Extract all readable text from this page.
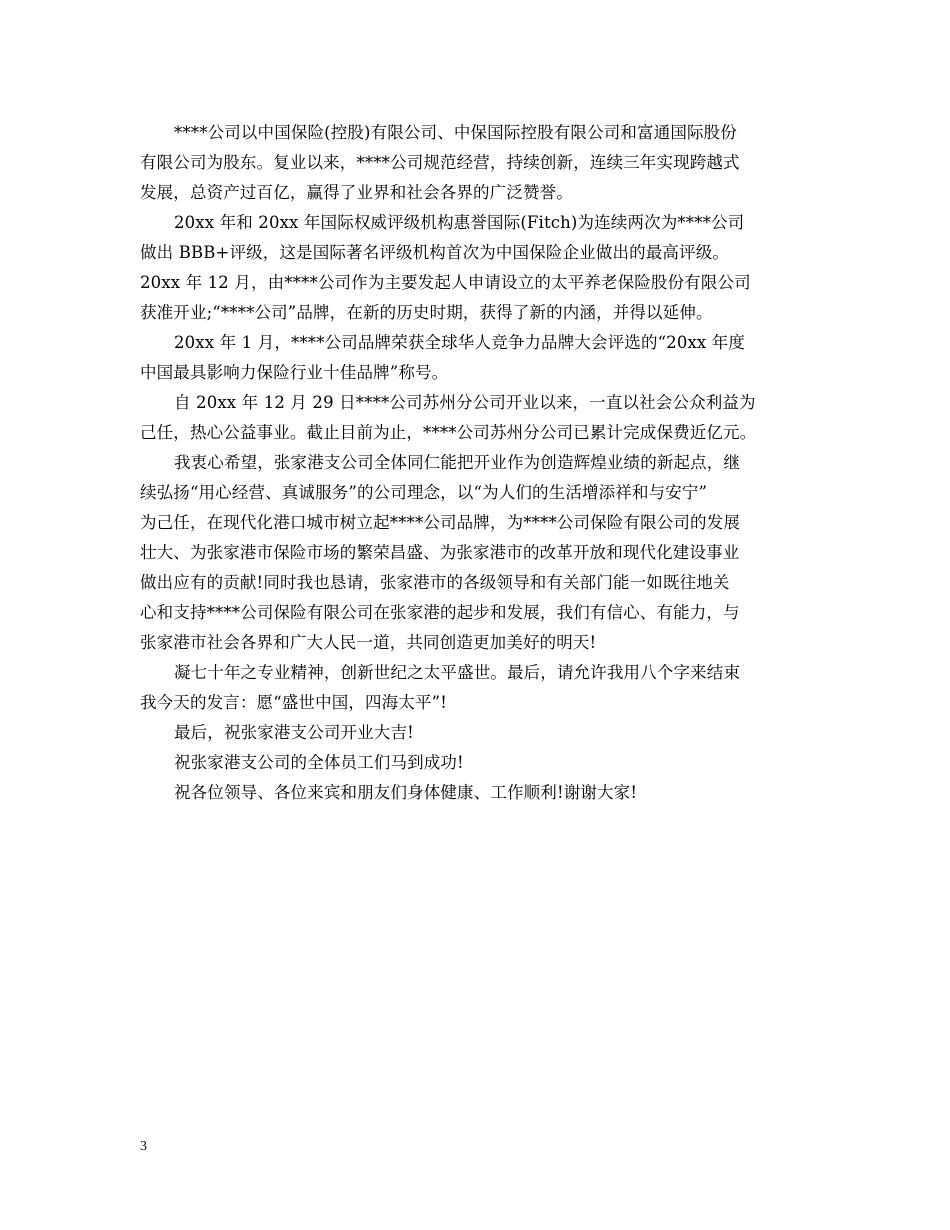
****公司以中国保险(控股)有限公司、中保国际控股有限公司和富通国际股份
有限公司为股东。复业以来，****公司规范经营，持续创新，连续三年实现跨越式
发展，总资产过百亿，赢得了业界和社会各界的广泛赞誉。
20xx 年和 20xx 年国际权威评级机构惠誉国际(Fitch)为连续两次为****公司
做出 BBB+评级，这是国际著名评级机构首次为中国保险企业做出的最高评级。
20xx 年 12 月，由****公司作为主要发起人申请设立的太平养老保险股份有限公司
获准开业;“****公司”品牌，在新的历史时期，获得了新的内涵，并得以延伸。
20xx 年 1 月，****公司品牌荣获全球华人竞争力品牌大会评选的“20xx 年度
中国最具影响力保险行业十佳品牌”称号。
自 20xx 年 12 月 29 日****公司苏州分公司开业以来，一直以社会公众利益为
己任，热心公益事业。截止目前为止，****公司苏州分公司已累计完成保费近亿元。
我衷心希望，张家港支公司全体同仁能把开业作为创造辉煌业绩的新起点，继
续弘扬“用心经营、真诚服务”的公司理念，以“为人们的生活增添祥和与安宁”
为己任，在现代化港口城市树立起****公司品牌，为****公司保险有限公司的发展
壮大、为张家港市保险市场的繁荣昌盛、为张家港市的改革开放和现代化建设事业
做出应有的贡献!同时我也恳请，张家港市的各级领导和有关部门能一如既往地关
心和支持****公司保险有限公司在张家港的起步和发展，我们有信心、有能力，与
张家港市社会各界和广大人民一道，共同创造更加美好的明天!
凝七十年之专业精神，创新世纪之太平盛世。最后，请允许我用八个字来结束
我今天的发言：愿“盛世中国，四海太平”!
最后，祝张家港支公司开业大吉!
祝张家港支公司的全体员工们马到成功!
祝各位领导、各位来宾和朋友们身体健康、工作顺利!谢谢大家!
3
